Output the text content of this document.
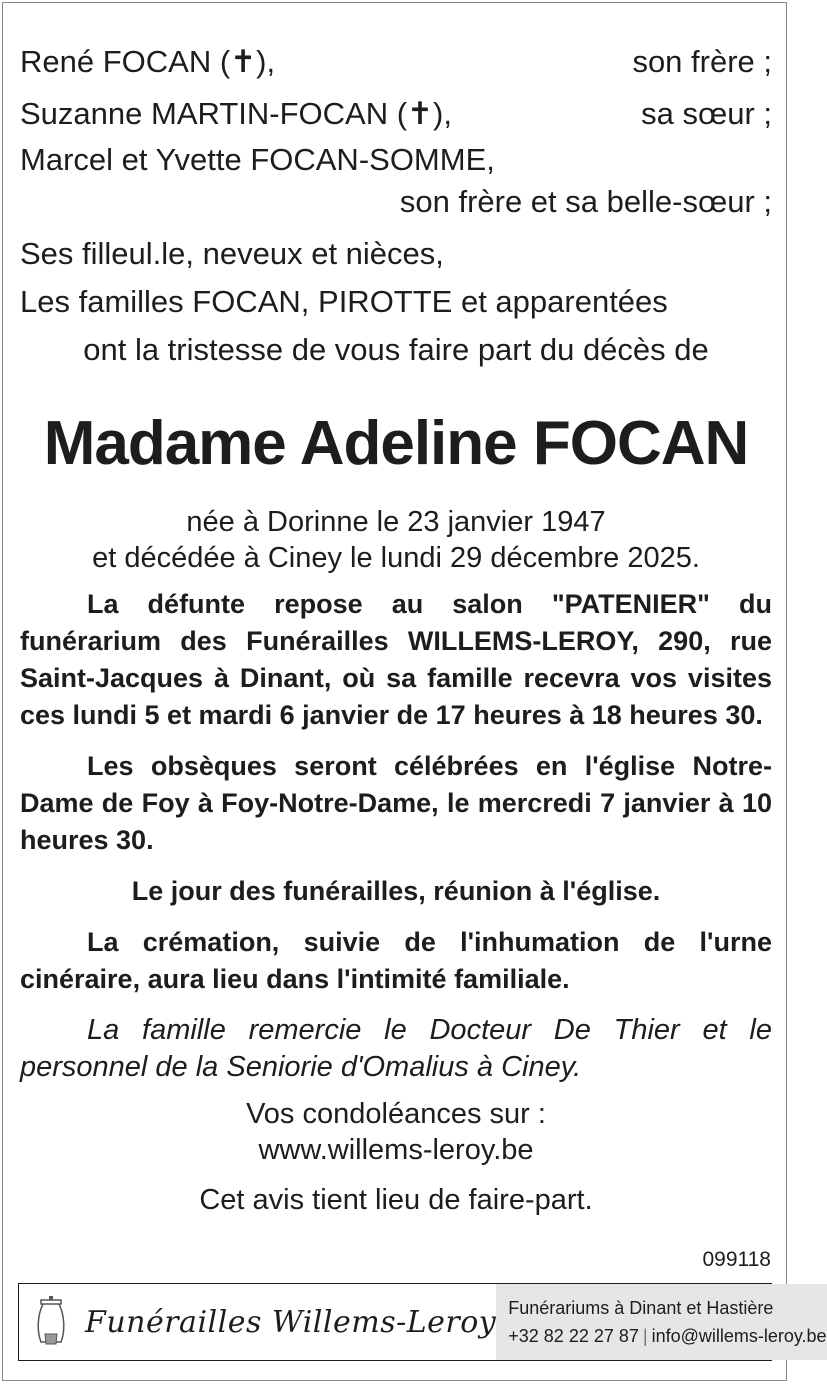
René FOCAN (✝),	son frère ;
Suzanne MARTIN-FOCAN (✝),	sa sœur ;
Marcel et Yvette FOCAN-SOMME,
son frère et sa belle-sœur ;
Ses filleul.le, neveux et nièces,
Les familles FOCAN, PIROTTE et apparentées
ont la tristesse de vous faire part du décès de
Madame Adeline FOCAN
née à Dorinne le 23 janvier 1947
et décédée à Ciney le lundi 29 décembre 2025.

La défunte repose au salon "PATENIER" du funérarium des Funérailles WILLEMS-LEROY, 290, rue Saint-Jacques à Dinant, où sa famille recevra vos visites ces lundi 5 et mardi 6 janvier de 17 heures à 18 heures 30.

Les obsèques seront célébrées en l'église Notre-Dame de Foy à Foy-Notre-Dame, le mercredi 7 janvier à 10 heures 30.

Le jour des funérailles, réunion à l'église.

La crémation, suivie de l'inhumation de l'urne cinéraire, aura lieu dans l'intimité familiale.

La famille remercie le Docteur De Thier et le personnel de la Seniorie d'Omalius à Ciney.

Vos condoléances sur :
www.willems-leroy.be
Cet avis tient lieu de faire-part.
099118
Funérailles Willems-Leroy Funérariums à Dinant et Hastière
+32 82 22 27 87 | info@willems-leroy.be
